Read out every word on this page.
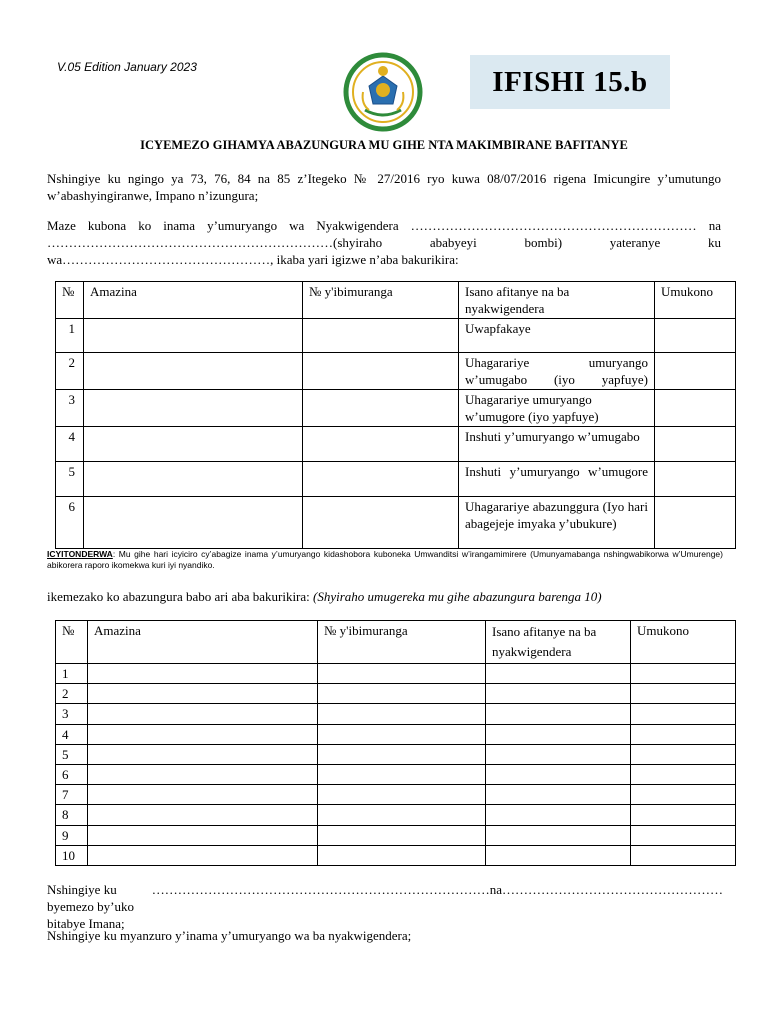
V.05 Edition January 2023	IFISHI 15.b
ICYEMEZO GIHAMYA ABAZUNGURA MU GIHE NTA MAKIMBIRANE BAFITANYE
Nshingiye ku ngingo ya 73, 76, 84 na 85 z’Itegeko № 27/2016 ryo kuwa 08/07/2016 rigena Imicungire y’umutungo w’abashyingiranwe, Impano n’izungura;
Maze kubona ko inama y’umuryango wa Nyakwigendera ………………………………………………………… na
…………………………………………………………(shyiraho ababyeyi bombi) yateranye ku
wa…………………………………………, ikaba yari igizwe n’aba bakurikira:
№	Amazina	№ y'ibimuranga	Isano afitanye na ba nyakwigendera	Umukono
1			Uwapfakaye	
2			Uhagarariye umuryango w’umugabo (iyo yapfuye)	
3			Uhagarariye umuryango w’umugore (iyo yapfuye)	
4			Inshuti y’umuryango w’umugabo	
5			Inshuti y’umuryango w’umugore	
6			Uhagarariye abazunggura (Iyo hari abagejeje imyaka y’ubukure)	
ICYITONDERWA: Mu gihe hari icyiciro cy’abagize inama y’umuryango kidashobora kuboneka Umwanditsi w’irangamimirere (Umunyamabanga nshingwabikorwa w’Umurenge) abikorera raporo ikomekwa kuri iyi nyandiko.
ikemezako ko abazungura babo ari aba bakurikira: (Shyiraho umugereka mu gihe abazungura barenga 10)
№	Amazina	№ y'ibimuranga	Isano afitanye na ba nyakwigendera	Umukono
1				
2				
3				
4				
5				
6				
7				
8				
9				
10				
Nshingiye ku byemezo by’uko
…………………………………………………………………… na……………………………………………
bitabye Imana;
Nshingiye ku myanzuro y’inama y’umuryango wa ba nyakwigendera;
